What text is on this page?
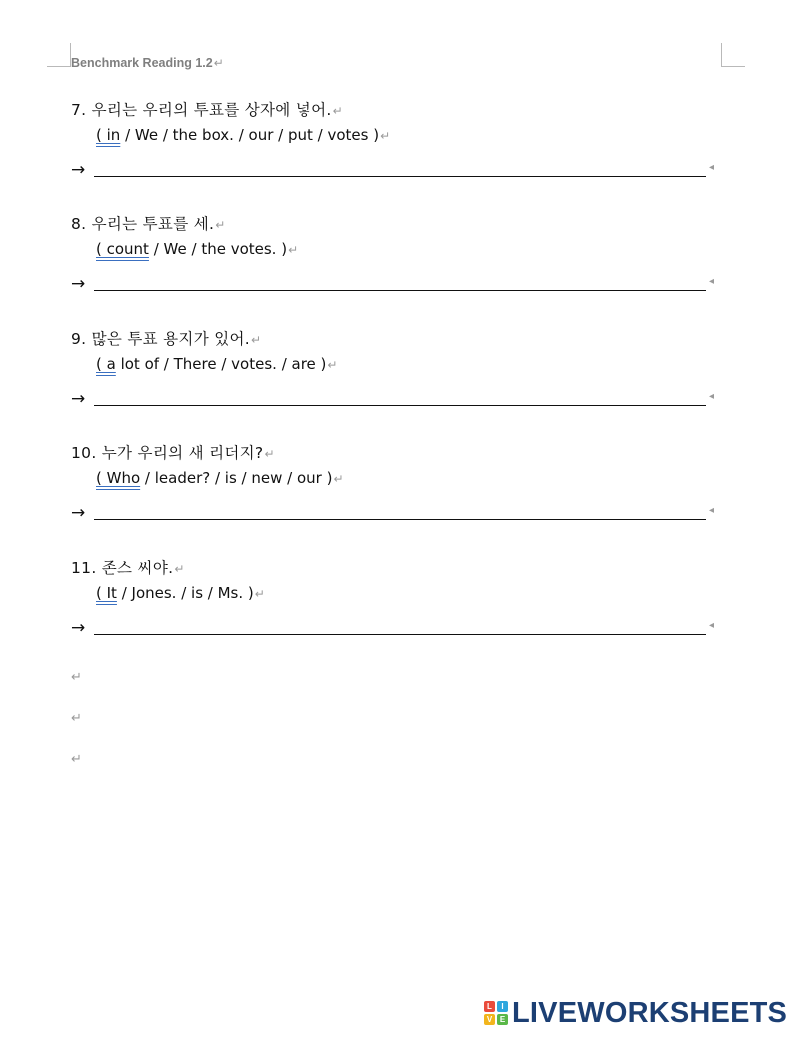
Benchmark Reading 1.2↵
7. 우리는 우리의 투표를 상자에 넣어.↵
( in / We / the box. / our / put / votes )↵
→	◂
8. 우리는 투표를 세.↵
( count / We / the votes. )↵
→	◂
9. 많은 투표 용지가 있어.↵
( a lot of / There / votes. / are )↵
→	◂
10. 누가 우리의 새 리더지?↵
( Who / leader? / is / new / our )↵
→	◂
11. 존스 씨야.↵
( It / Jones. / is / Ms. )↵
→	◂
↵
↵
↵
L	I
V E LIVEWORKSHEETS
